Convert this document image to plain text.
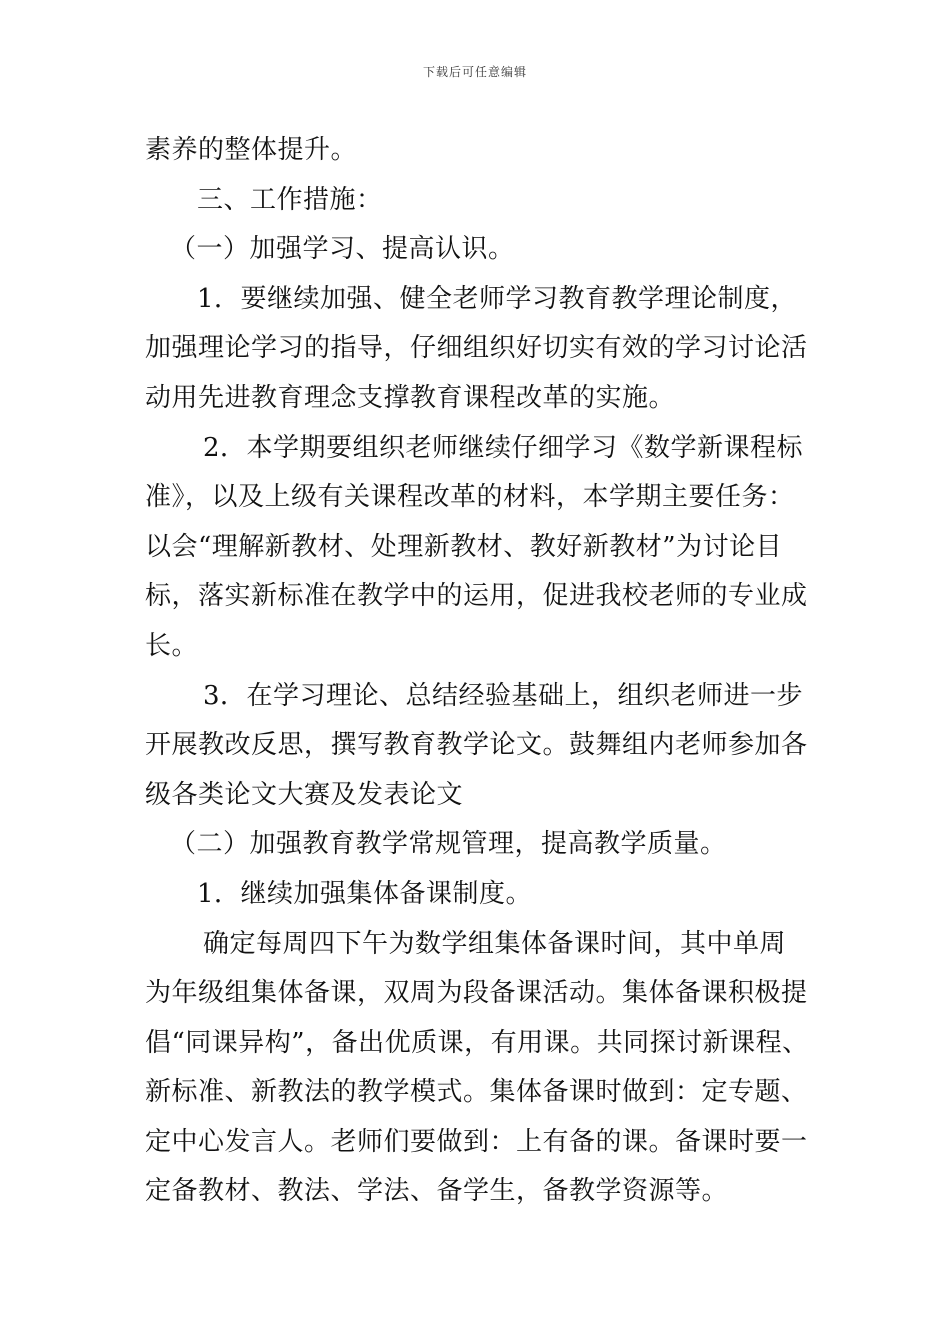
下载后可任意编辑

素养的整体提升。

三、工作措施：

（一）加强学习、提高认识。

1．要继续加强、健全老师学习教育教学理论制度，加强理论学习的指导，仔细组织好切实有效的学习讨论活动用先进教育理念支撑教育课程改革的实施。

2．本学期要组织老师继续仔细学习《数学新课程标准》，以及上级有关课程改革的材料，本学期主要任务：以会“理解新教材、处理新教材、教好新教材”为讨论目标，落实新标准在教学中的运用，促进我校老师的专业成长。

3．在学习理论、总结经验基础上，组织老师进一步开展教改反思，撰写教育教学论文。鼓舞组内老师参加各级各类论文大赛及发表论文

（二）加强教育教学常规管理，提高教学质量。

1．继续加强集体备课制度。

确定每周四下午为数学组集体备课时间，其中单周为年级组集体备课，双周为段备课活动。集体备课积极提倡“同课异构”，备出优质课，有用课。共同探讨新课程、新标准、新教法的教学模式。集体备课时做到：定专题、定中心发言人。老师们要做到：上有备的课。备课时要一定备教材、教法、学法、备学生，备教学资源等。
